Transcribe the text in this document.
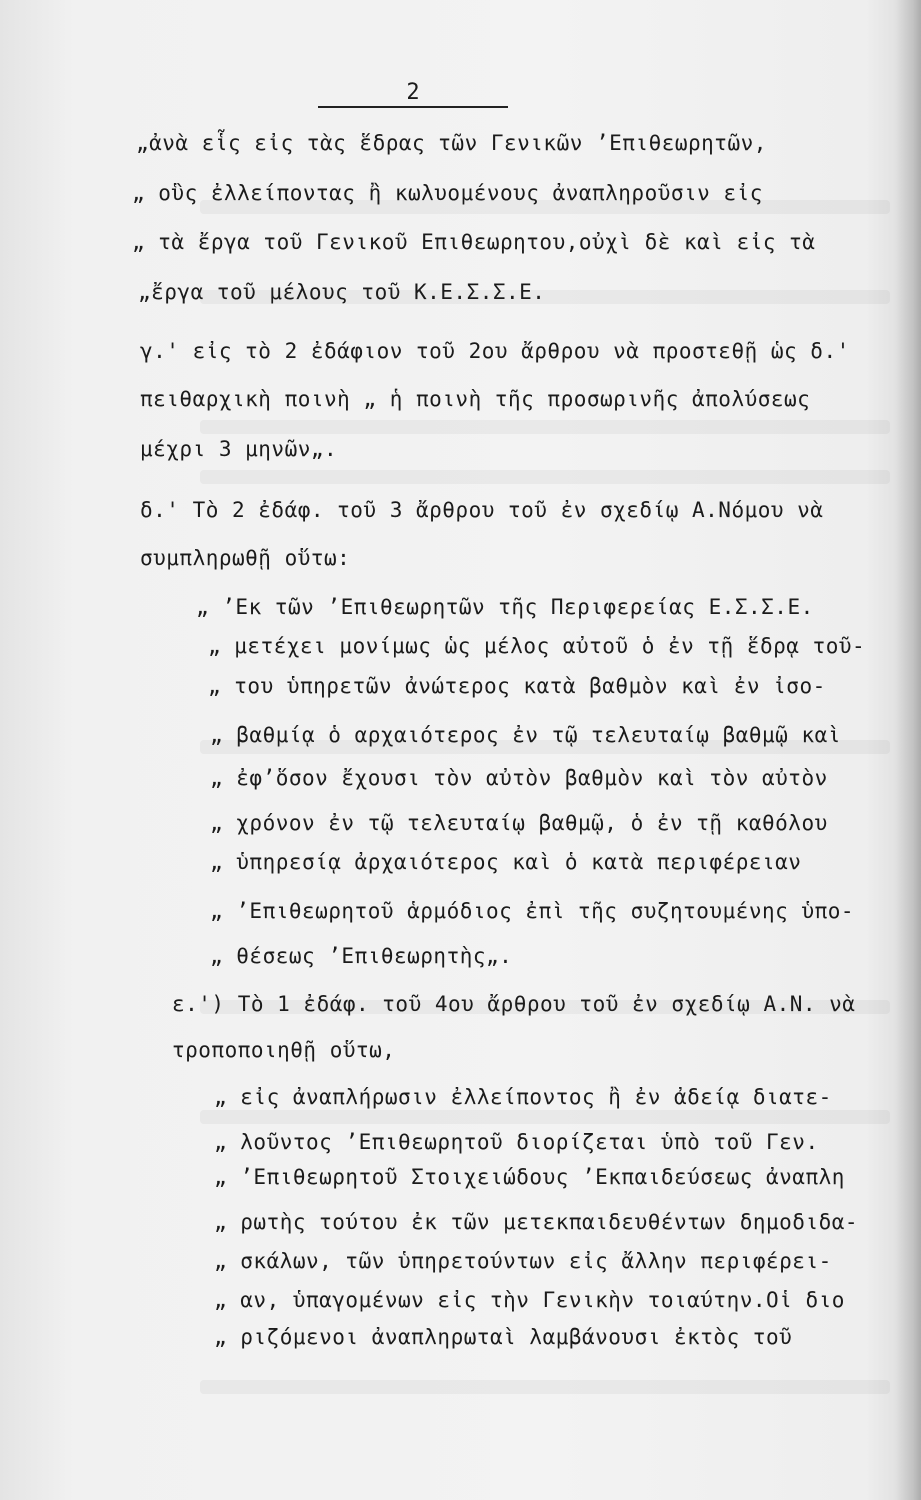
2
„ἀνὰ εἷς εἰς τὰς ἕδρας τῶν Γενικῶν ’Επιθεωρητῶν,
„ οὓς ἐλλείποντας ἢ κωλυομένους ἀναπληροῦσιν εἰς
„ τὰ ἔργα τοῦ Γενικοῦ Επιθεωρητου,οὐχὶ δὲ καὶ εἰς τὰ
„ἔργα τοῦ μέλους τοῦ Κ.Ε.Σ.Σ.Ε.
γ.' εἰς τὸ 2 ἐδάφιον τοῦ 2ου ἄρθρου νὰ προστεθῇ ὡς δ.'
πειθαρχικὴ ποινὴ „ ἡ ποινὴ τῆς προσωρινῆς ἀπολύσεως
μέχρι 3 μηνῶν„.
δ.' Τὸ 2 ἐδάφ. τοῦ 3 ἄρθρου τοῦ ἐν σχεδίῳ Α.Νόμου νὰ
συμπληρωθῇ οὕτω:
„ ’Εκ τῶν ’Επιθεωρητῶν τῆς Περιφερείας Ε.Σ.Σ.Ε.
„ μετέχει μονίμως ὡς μέλος αὐτοῦ ὁ ἐν τῇ ἕδρᾳ τοῦ-
„ του ὑπηρετῶν ἀνώτερος κατὰ βαθμὸν καὶ ἐν ἰσο-
„ βαθμίᾳ ὁ αρχαιότερος ἐν τῷ τελευταίῳ βαθμῷ καὶ
„ ἐφ’ὅσον ἔχουσι τὸν αὐτὸν βαθμὸν καὶ τὸν αὐτὸν
„ χρόνον ἐν τῷ τελευταίῳ βαθμῷ, ὁ ἐν τῇ καθόλου
„ ὑπηρεσίᾳ ἀρχαιότερος καὶ ὁ κατὰ περιφέρειαν
„ ’Επιθεωρητοῦ ἁρμόδιος ἐπὶ τῆς συζητουμένης ὑπο-
„ θέσεως ’Επιθεωρητὴς„.
ε.') Τὸ 1 ἐδάφ. τοῦ 4ου ἄρθρου τοῦ ἐν σχεδίῳ Α.Ν. νὰ
τροποποιηθῇ οὕτω,
„ εἰς ἀναπλήρωσιν ἐλλείποντος ἢ ἐν ἀδείᾳ διατε-
„ λοῦντος ’Επιθεωρητοῦ διορίζεται ὑπὸ τοῦ Γεν.
„ ’Επιθεωρητοῦ Στοιχειώδους ’Εκπαιδεύσεως ἀναπλη
„ ρωτὴς τούτου ἐκ τῶν μετεκπαιδευθέντων δημοδιδα-
„ σκάλων, τῶν ὑπηρετούντων εἰς ἄλλην περιφέρει-
„ αν, ὑπαγομένων εἰς τὴν Γενικὴν τοιαύτην.Οἱ διο
„ ριζόμενοι ἀναπληρωταὶ λαμβάνουσι ἐκτὸς τοῦ
